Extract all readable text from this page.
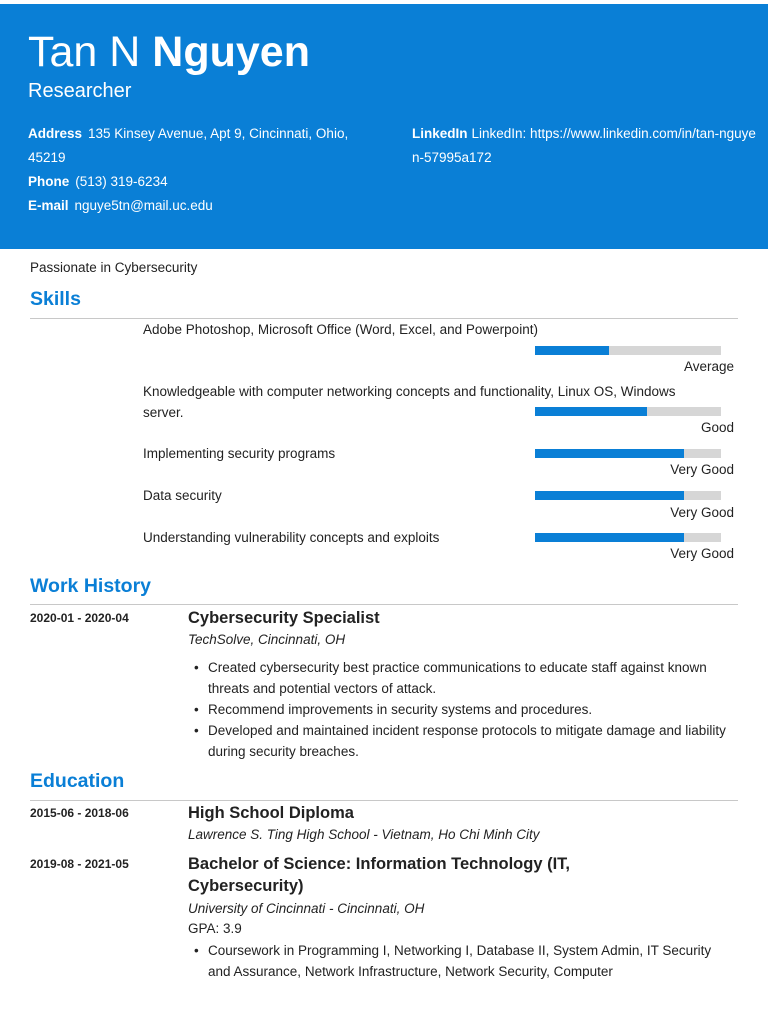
Tan N Nguyen
Researcher
Address 135 Kinsey Avenue, Apt 9, Cincinnati, Ohio, 45219
Phone (513) 319-6234
E-mail nguye5tn@mail.uc.edu
LinkedIn LinkedIn: https://www.linkedin.com/in/tan-nguyen-57995a172
Passionate in Cybersecurity
Skills
Adobe Photoshop, Microsoft Office (Word, Excel, and Powerpoint)
Average
Knowledgeable with computer networking concepts and functionality, Linux OS, Windows server.
Good
Implementing security programs
Very Good
Data security
Very Good
Understanding vulnerability concepts and exploits
Very Good
Work History
2020-01 - 2020-04	Cybersecurity Specialist
TechSolve, Cincinnati, OH
• Created cybersecurity best practice communications to educate staff against known threats and potential vectors of attack.
• Recommend improvements in security systems and procedures.
• Developed and maintained incident response protocols to mitigate damage and liability during security breaches.
Education
2015-06 - 2018-06	High School Diploma
Lawrence S. Ting High School - Vietnam, Ho Chi Minh City
2019-08 - 2021-05	Bachelor of Science: Information Technology (IT, Cybersecurity)
University of Cincinnati - Cincinnati, OH
GPA: 3.9
• Coursework in Programming I, Networking I, Database II, System Admin, IT Security and Assurance, Network Infrastructure, Network Security, Computer
